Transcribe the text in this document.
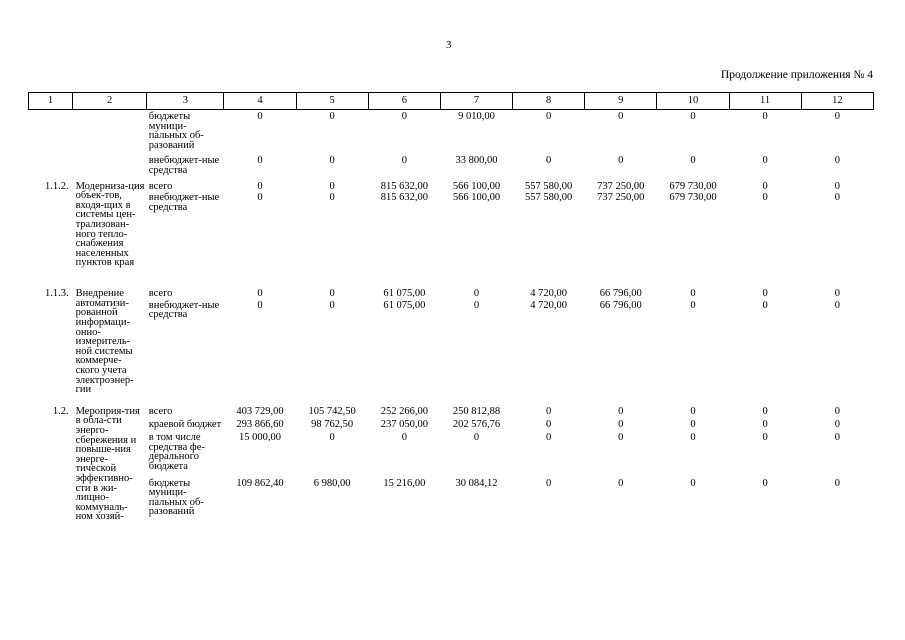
3
Продолжение приложения № 4
1	2	3	4	5	6	7	8	9	10	11	12
		бюджеты муници-пальных об-разований	0	0	0	9 010,00	0	0	0	0	0
		внебюджет-ные средства	0	0	0	33 800,00	0	0	0	0	0
1.1.2.	Модерниза-ция объек-тов, входя-щих в системы цен-трализован-ного тепло-снабжения населенных пунктов края	всего	0	0	815 632,00	566 100,00	557 580,00	737 250,00	679 730,00	0	0
		внебюджет-ные средства	0	0	815 632,00	566 100,00	557 580,00	737 250,00	679 730,00	0	0
1.1.3.	Внедрение автоматизи-рованной информаци-онно-измеритель-ной системы коммерче-ского учета электроэнер-гии	всего	0	0	61 075,00	0	4 720,00	66 796,00	0	0	0
		внебюджет-ные средства	0	0	61 075,00	0	4 720,00	66 796,00	0	0	0
1.2.	Мероприя-тия в обла-сти энерго-сбережения и повыше-ния энерге-тической эффективно-сти в жи-лищно-коммуналь-ном хозяй-	всего	403 729,00	105 742,50	252 266,00	250 812,88	0	0	0	0	0
		краевой бюджет	293 866,60	98 762,50	237 050,00	202 576,76	0	0	0	0	0
		в том числе средства фе-дерального бюджета	15 000,00	0	0	0	0	0	0	0	0
		бюджеты муници-пальных об-разований	109 862,40	6 980,00	15 216,00	30 084,12	0	0	0	0	0
